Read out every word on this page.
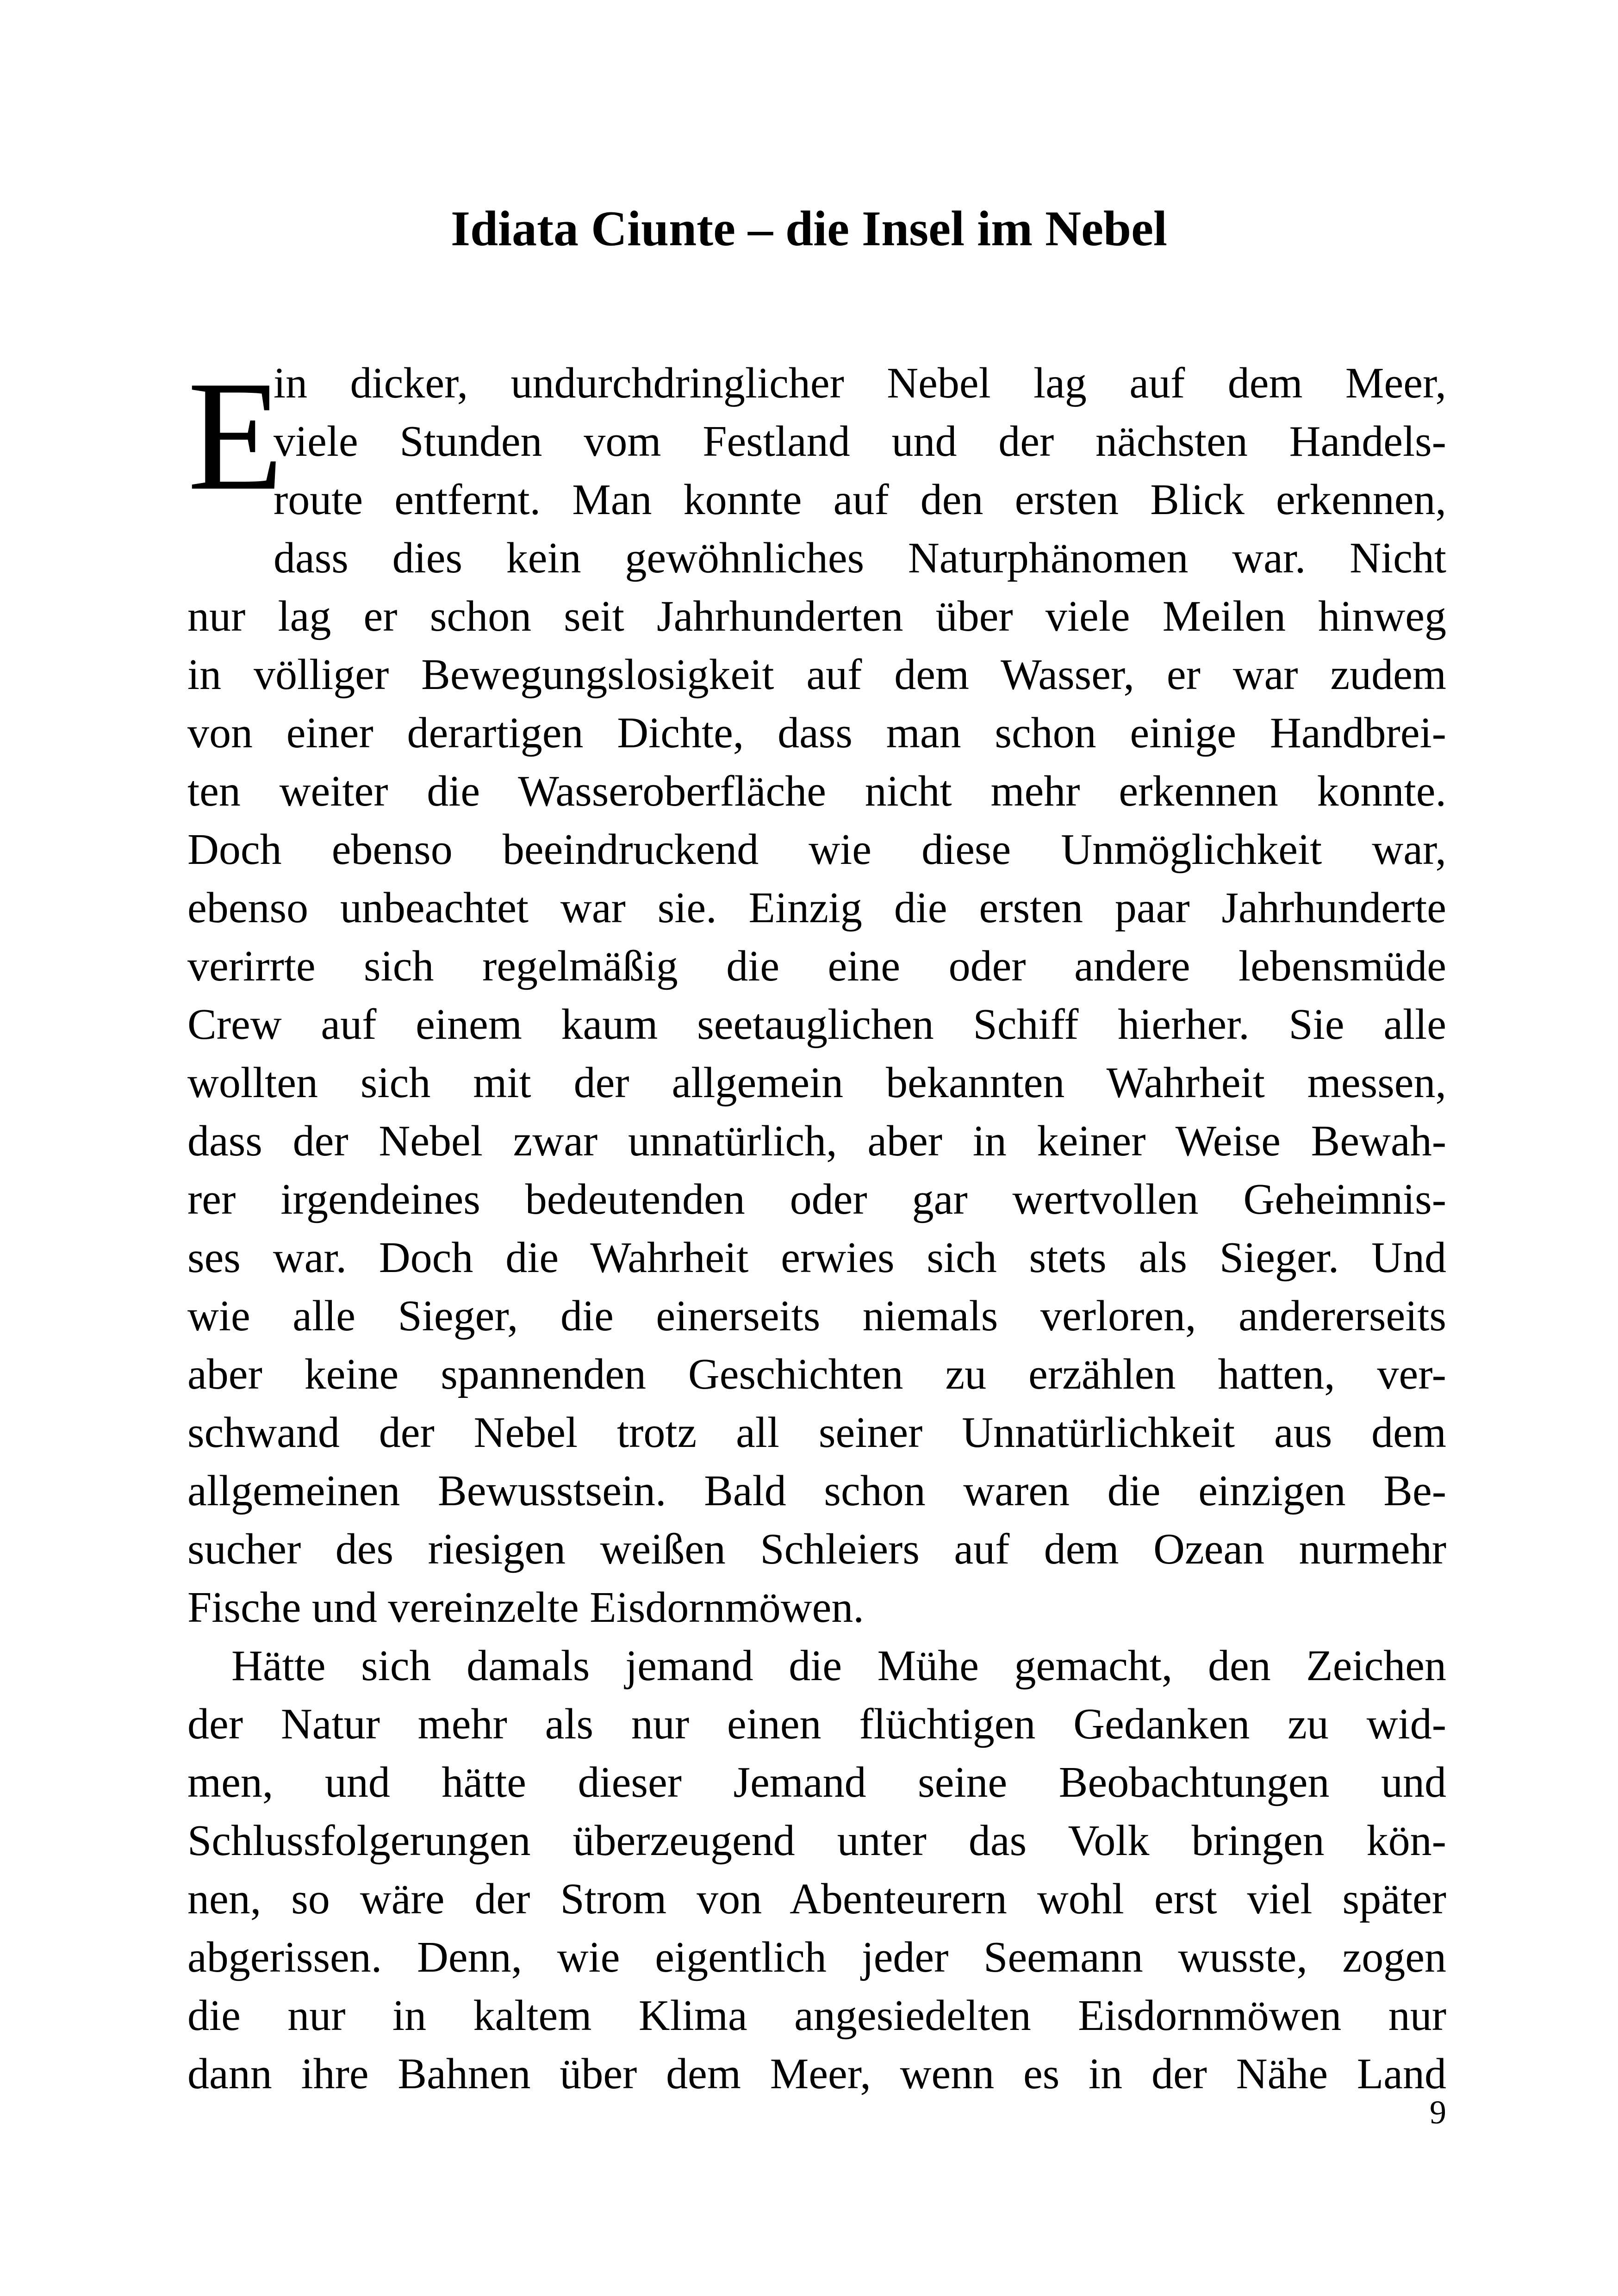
Idiata Ciunte – die Insel im Nebel
E
in dicker, undurchdringlicher Nebel lag auf dem Meer,
viele Stunden vom Festland und der nächsten Handels-
route entfernt. Man konnte auf den ersten Blick erkennen,
dass dies kein gewöhnliches Naturphänomen war. Nicht
nur lag er schon seit Jahrhunderten über viele Meilen hinweg
in völliger Bewegungslosigkeit auf dem Wasser, er war zudem
von einer derartigen Dichte, dass man schon einige Handbrei-
ten weiter die Wasseroberfläche nicht mehr erkennen konnte.
Doch ebenso beeindruckend wie diese Unmöglichkeit war,
ebenso unbeachtet war sie. Einzig die ersten paar Jahrhunderte
verirrte sich regelmäßig die eine oder andere lebensmüde
Crew auf einem kaum seetauglichen Schiff hierher. Sie alle
wollten sich mit der allgemein bekannten Wahrheit messen,
dass der Nebel zwar unnatürlich, aber in keiner Weise Bewah-
rer irgendeines bedeutenden oder gar wertvollen Geheimnis-
ses war. Doch die Wahrheit erwies sich stets als Sieger. Und
wie alle Sieger, die einerseits niemals verloren, andererseits
aber keine spannenden Geschichten zu erzählen hatten, ver-
schwand der Nebel trotz all seiner Unnatürlichkeit aus dem
allgemeinen Bewusstsein. Bald schon waren die einzigen Be-
sucher des riesigen weißen Schleiers auf dem Ozean nurmehr
Fische und vereinzelte Eisdornmöwen.
Hätte sich damals jemand die Mühe gemacht, den Zeichen
der Natur mehr als nur einen flüchtigen Gedanken zu wid-
men, und hätte dieser Jemand seine Beobachtungen und
Schlussfolgerungen überzeugend unter das Volk bringen kön-
nen, so wäre der Strom von Abenteurern wohl erst viel später
abgerissen. Denn, wie eigentlich jeder Seemann wusste, zogen
die nur in kaltem Klima angesiedelten Eisdornmöwen nur
dann ihre Bahnen über dem Meer, wenn es in der Nähe Land
9
